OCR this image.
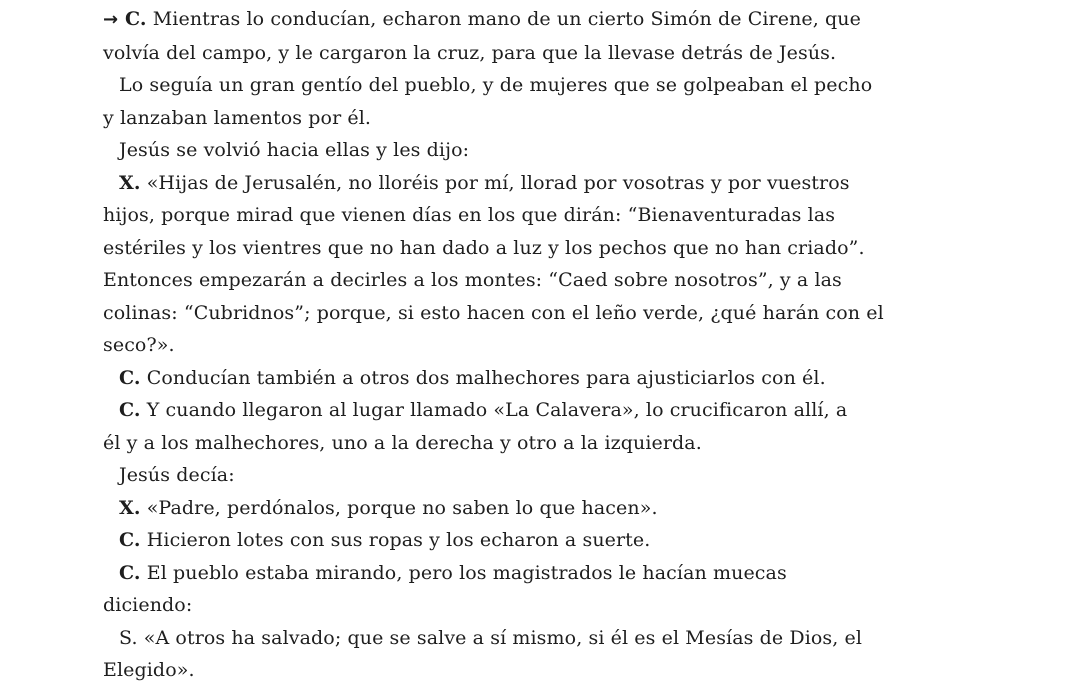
→ C. Mientras lo conducían, echaron mano de un cierto Simón de Cirene, que
volvía del campo, y le cargaron la cruz, para que la llevase detrás de Jesús.

Lo seguía un gran gentío del pueblo, y de mujeres que se golpeaban el pecho
y lanzaban lamentos por él.

Jesús se volvió hacia ellas y les dijo:

X. «Hijas de Jerusalén, no lloréis por mí, llorad por vosotras y por vuestros
hijos, porque mirad que vienen días en los que dirán: “Bienaventuradas las
estériles y los vientres que no han dado a luz y los pechos que no han criado”.
Entonces empezarán a decirles a los montes: “Caed sobre nosotros”, y a las
colinas: “Cubridnos”; porque, si esto hacen con el leño verde, ¿qué harán con el
seco?».

C. Conducían también a otros dos malhechores para ajusticiarlos con él.

C. Y cuando llegaron al lugar llamado «La Calavera», lo crucificaron allí, a
él y a los malhechores, uno a la derecha y otro a la izquierda.

Jesús decía:

X. «Padre, perdónalos, porque no saben lo que hacen».

C. Hicieron lotes con sus ropas y los echaron a suerte.

C. El pueblo estaba mirando, pero los magistrados le hacían muecas
diciendo:

S. «A otros ha salvado; que se salve a sí mismo, si él es el Mesías de Dios, el
Elegido».
